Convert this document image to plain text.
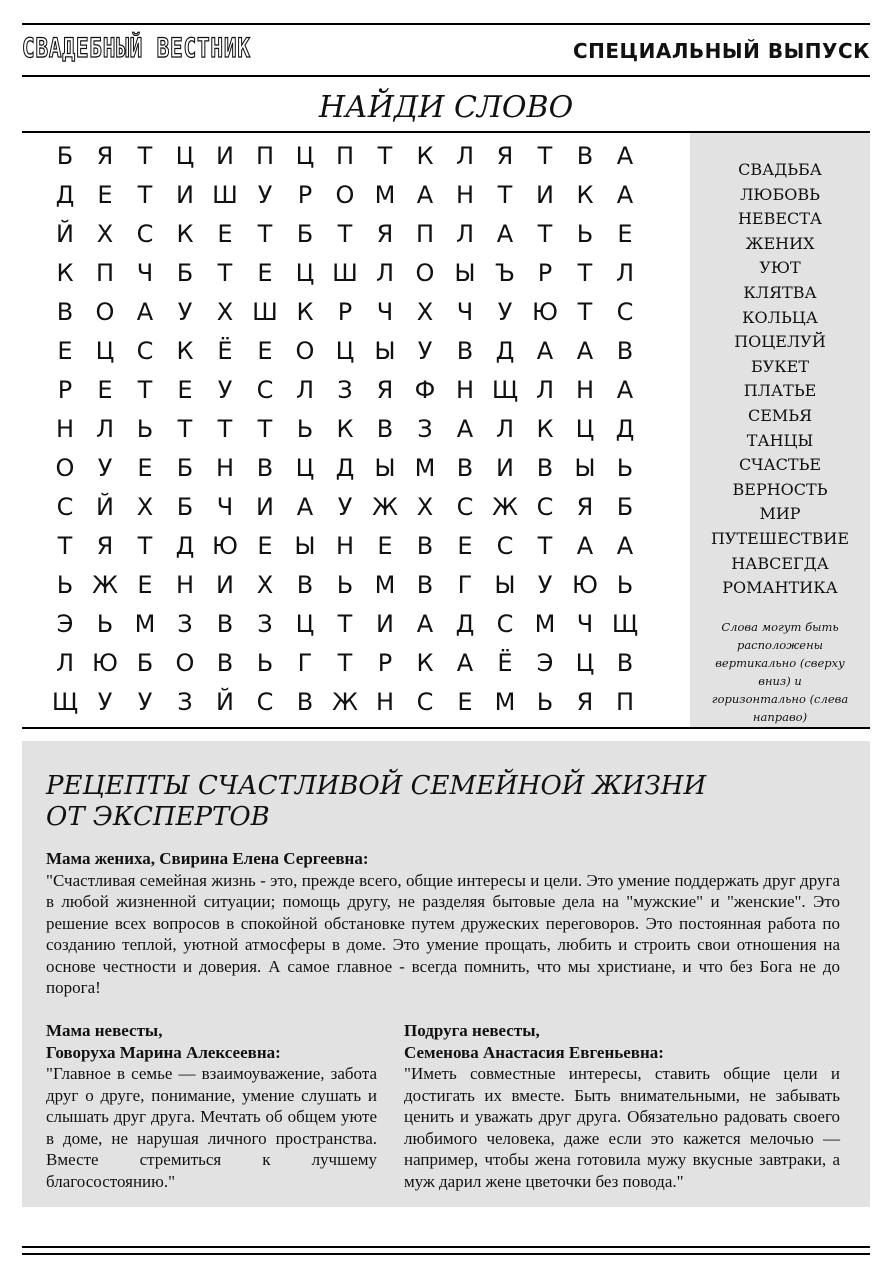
СВАДЕБНЫЙ ВЕСТНИК	СПЕЦИАЛЬНЫЙ ВЫПУСК
НАЙДИ СЛОВО
Б Я	Т Ц И П Ц П Т	К Л Я	Т	В А
Д Е	Т И Ш У	Р О М А Н Т И К А
Й Х С К Е	Т	Б	Т	Я П Л А	Т	Ь	Е
К П Ч Б	Т	Е Ц Ш Л О Ы Ъ Р	Т Л
В О А	У	Х Ш К	Р	Ч Х Ч	У Ю Т	С
Е Ц С К Ё	Е О Ц Ы У	В Д А А В
Р	Е	Т	Е	У	С Л З Я Ф Н Щ Л Н А
Н Л Ь	Т	Т	Т	Ь К В	З	А Л К Ц Д
О У	Е	Б Н В Ц Д Ы М В И В Ы Ь
С Й Х Б Ч И А	У Ж Х С Ж С Я Б
Т	Я	Т Д Ю Е Ы Н Е	В	Е	С	Т	А А
Ь Ж Е Н И Х В Ь М В	Г Ы У Ю Ь
Э Ь М З	В	З Ц Т И А Д С М Ч Щ
Л Ю Б О В Ь	Г	Т	Р	К А	Ё	Э Ц В
Щ У	У	З Й С В Ж Н С	Е М Ь Я П
СВАДЬБА
ЛЮБОВЬ
НЕВЕСТА
ЖЕНИХ
УЮТ
КЛЯТВА
КОЛЬЦА
ПОЦЕЛУЙ
БУКЕТ
ПЛАТЬЕ
СЕМЬЯ
ТАНЦЫ
СЧАСТЬЕ
ВЕРНОСТЬ
МИР
ПУТЕШЕСТВИЕ
НАВСЕГДА
РОМАНТИКА
Слова могут быть расположены вертикально (сверху вниз) и горизонтально (слева направо)
РЕЦЕПТЫ СЧАСТЛИВОЙ СЕМЕЙНОЙ ЖИЗНИ
ОТ ЭКСПЕРТОВ
Мама жениха, Свирина Елена Сергеевна:
"Счастливая семейная жизнь - это, прежде всего, общие интересы и цели. Это умение поддержать друг друга в любой жизненной ситуации; помощь другу, не разделяя бытовые дела на "мужские" и "женские". Это решение всех вопросов в спокойной обстановке путем дружеских переговоров. Это постоянная работа по созданию теплой, уютной атмосферы в доме. Это умение прощать, любить и строить свои отношения на основе честности и доверия. А самое главное - всегда помнить, что мы христиане, и что без Бога не до порога!
Мама невесты,
Говоруха Марина Алексеевна:
"Главное в семье — взаимоуважение, забота друг о друге, понимание, умение слушать и слышать друг друга. Мечтать об общем уюте в доме, не нарушая личного пространства. Вместе стремиться к лучшему благосостоянию."
Подруга невесты,
Семенова Анастасия Евгеньевна:
"Иметь совместные интересы, ставить общие цели и достигать их вместе. Быть внимательными, не забывать ценить и уважать друг друга. Обязательно радовать своего любимого человека, даже если это кажется мелочью — например, чтобы жена готовила мужу вкусные завтраки, а муж дарил жене цветочки без повода."
